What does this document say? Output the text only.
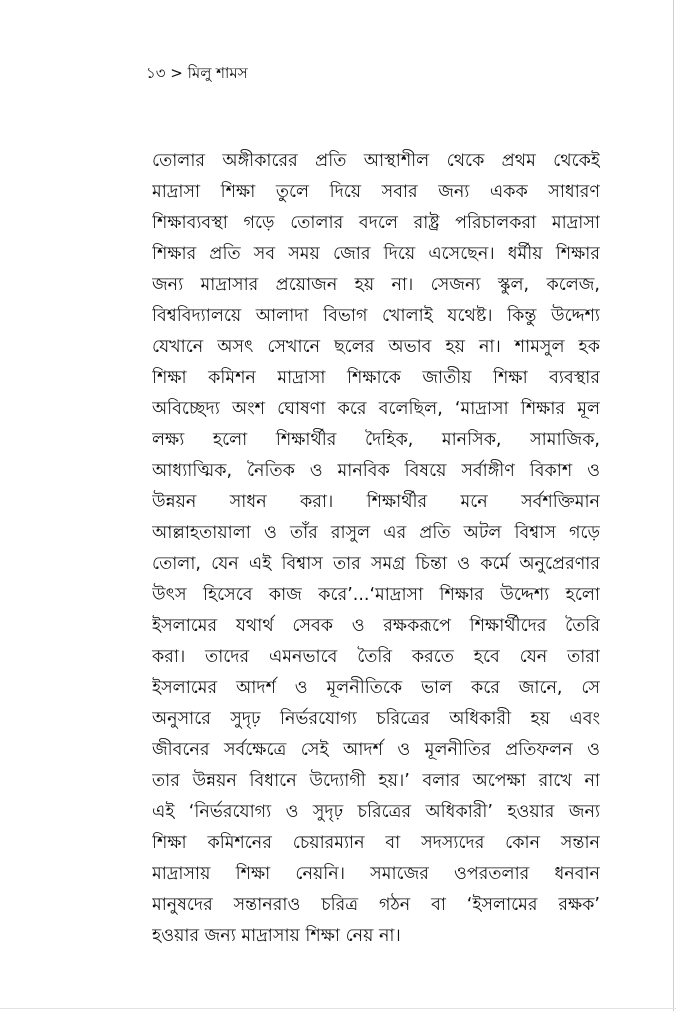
১৩ > মিলু শামস
তোলার অঙ্গীকারের প্রতি আস্থাশীল থেকে প্রথম থেকেই
মাদ্রাসা শিক্ষা তুলে দিয়ে সবার জন্য একক সাধারণ
শিক্ষাব্যবস্থা গড়ে তোলার বদলে রাষ্ট্র পরিচালকরা মাদ্রাসা
শিক্ষার প্রতি সব সময় জোর দিয়ে এসেছেন। ধর্মীয় শিক্ষার
জন্য মাদ্রাসার প্রয়োজন হয় না। সেজন্য স্কুল, কলেজ,
বিশ্ববিদ্যালয়ে আলাদা বিভাগ খোলাই যথেষ্ট। কিন্তু উদ্দেশ্য
যেখানে অসৎ সেখানে ছলের অভাব হয় না। শামসুল হক
শিক্ষা কমিশন মাদ্রাসা শিক্ষাকে জাতীয় শিক্ষা ব্যবস্থার
অবিচ্ছেদ্য অংশ ঘোষণা করে বলেছিল, ‘মাদ্রাসা শিক্ষার মূল
লক্ষ্য হলো শিক্ষার্থীর দৈহিক, মানসিক, সামাজিক,
আধ্যাত্মিক, নৈতিক ও মানবিক বিষয়ে সর্বাঙ্গীণ বিকাশ ও
উন্নয়ন সাধন করা। শিক্ষার্থীর মনে সর্বশক্তিমান
আল্লাহতায়ালা ও তাঁর রাসুল এর প্রতি অটল বিশ্বাস গড়ে
তোলা, যেন এই বিশ্বাস তার সমগ্র চিন্তা ও কর্মে অনুপ্রেরণার
উৎস হিসেবে কাজ করে’...‘মাদ্রাসা শিক্ষার উদ্দেশ্য হলো
ইসলামের যথার্থ সেবক ও রক্ষকরূপে শিক্ষার্থীদের তৈরি
করা। তাদের এমনভাবে তৈরি করতে হবে যেন তারা
ইসলামের আদর্শ ও মূলনীতিকে ভাল করে জানে, সে
অনুসারে সুদৃঢ় নির্ভরযোগ্য চরিত্রের অধিকারী হয় এবং
জীবনের সর্বক্ষেত্রে সেই আদর্শ ও মূলনীতির প্রতিফলন ও
তার উন্নয়ন বিধানে উদ্যোগী হয়।’ বলার অপেক্ষা রাখে না
এই ‘নির্ভরযোগ্য ও সুদৃঢ় চরিত্রের অধিকারী’ হওয়ার জন্য
শিক্ষা কমিশনের চেয়ারম্যান বা সদস্যদের কোন সন্তান
মাদ্রাসায় শিক্ষা নেয়নি। সমাজের ওপরতলার ধনবান
মানুষদের সন্তানরাও চরিত্র গঠন বা ‘ইসলামের রক্ষক’
হওয়ার জন্য মাদ্রাসায় শিক্ষা নেয় না।
